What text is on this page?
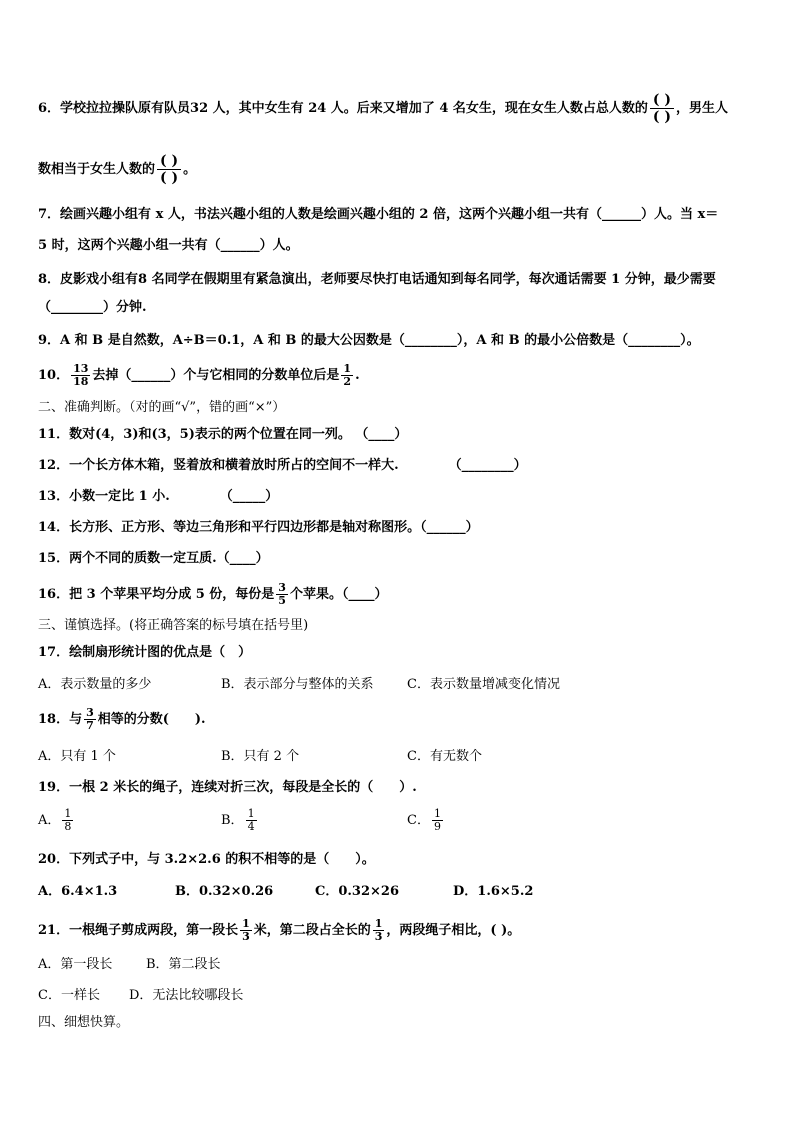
6．学校拉拉操队原有队员32 人，其中女生有 24 人。后来又增加了 4 名女生，现在女生人数占总人数的 $\frac{( )}{( )}$ ，男生人
数相当于女生人数的 $\frac{( )}{( )}$ 。
7．绘画兴趣小组有 x 人，书法兴趣小组的人数是绘画兴趣小组的 2 倍，这两个兴趣小组一共有（______）人。当 x＝
5 时，这两个兴趣小组一共有（______）人。
8．皮影戏小组有8 名同学在假期里有紧急演出，老师要尽快打电话通知到每名同学，每次通话需要 1 分钟，最少需要
（________）分钟.
9．A 和 B 是自然数，A÷B＝0.1，A 和 B 的最大公因数是（________），A 和 B 的最小公倍数是（________）。
10． $\frac{13}{18}$ 去掉（______）个与它相同的分数单位后是 $\frac{1}{2}$ .
二、准确判断。（对的画“√”，错的画“×”）
11．数对(4，3)和(3，5)表示的两个位置在同一列。 （____）
12．一个长方体木箱，竖着放和横着放时所占的空间不一样大.	（________）
13．小数一定比 1 小.	（_____）
14．长方形、正方形、等边三角形和平行四边形都是轴对称图形。（______）
15．两个不同的质数一定互质.（____）
16．把 3 个苹果平均分成 5 份，每份是 $\frac{3}{5}$ 个苹果。（____）
三、谨慎选择。(将正确答案的标号填在括号里)
17．绘制扇形统计图的优点是（　）
A．表示数量的多少	B．表示部分与整体的关系	C．表示数量增减变化情况
18．与 $\frac{3}{7}$ 相等的分数(　　).
A．只有 1 个	B．只有 2 个	C．有无数个
19．一根 2 米长的绳子，连续对折三次，每段是全长的（　　）.
A． $\frac{1}{8}$	B． $\frac{1}{4}$	C． $\frac{1}{9}$
20．下列式子中，与 3.2×2.6 的积不相等的是（　　）。
A．6.4×1.3	B．0.32×0.26	C．0.32×26	D．1.6×5.2
21．一根绳子剪成两段，第一段长 $\frac{1}{3}$ 米，第二段占全长的 $\frac{1}{3}$ ，两段绳子相比，( )。
A．第一段长	B．第二段长
C．一样长 D．无法比较哪段长
四、细想快算。
